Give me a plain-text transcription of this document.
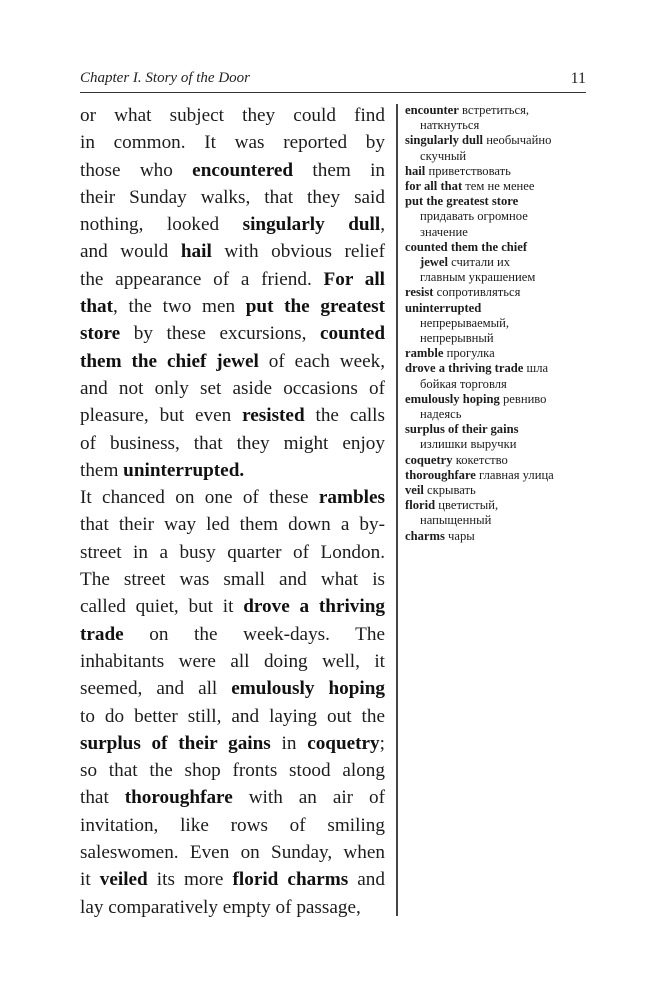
Chapter I. Story of the Door	11
or what subject they could find
in common. It was reported by
those who encountered them in
their Sunday walks, that they said
nothing, looked singularly dull,
and would hail with obvious relief
the appearance of a friend. For all
that, the two men put the greatest
store by these excursions, counted
them the chief jewel of each week,
and not only set aside occasions of
pleasure, but even resisted the calls
of business, that they might enjoy
them uninterrupted.
It chanced on one of these rambles
that their way led them down a by-
street in a busy quarter of London.
The street was small and what is
called quiet, but it drove a thriving
trade on the week-days. The
inhabitants were all doing well, it
seemed, and all emulously hoping
to do better still, and laying out the
surplus of their gains in coquetry;
so that the shop fronts stood along
that thoroughfare with an air of
invitation, like rows of smiling
saleswomen. Even on Sunday, when
it veiled its more florid charms and
lay comparatively empty of passage,
encounter встретиться,
наткнуться
singularly dull необычайно
скучный
hail приветствовать
for all that тем не менее
put the greatest store
придавать огромное
значение
counted them the chief
jewel считали их
главным украшением
resist сопротивляться
uninterrupted
непрерываемый,
непрерывный
ramble прогулка
drove a thriving trade шла
бойкая торговля
emulously hoping ревниво
надеясь
surplus of their gains
излишки выручки
coquetry кокетство
thoroughfare главная улица
veil скрывать
florid цветистый,
напыщенный
charms чары
